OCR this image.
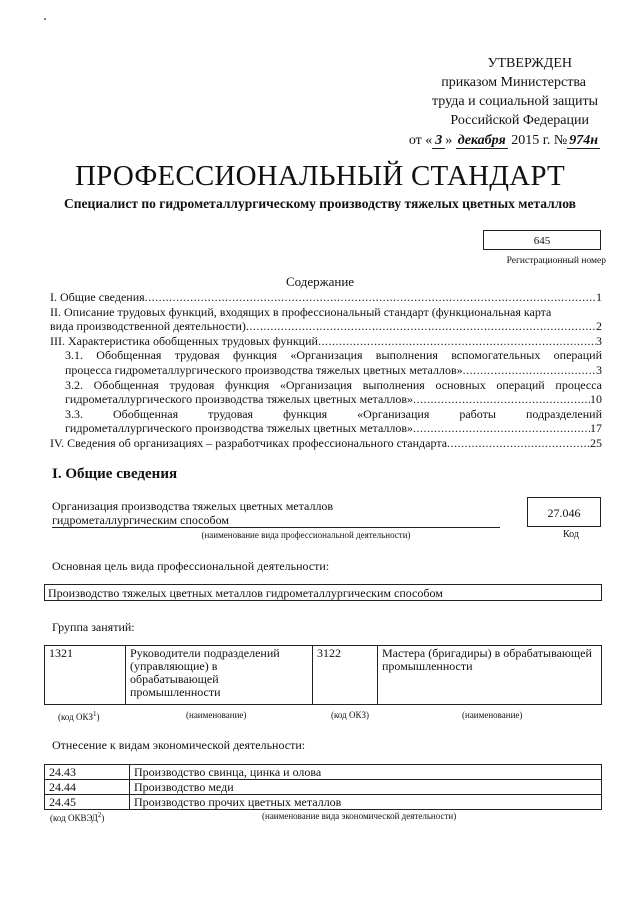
УТВЕРЖДЕН
приказом Министерства
труда и социальной защиты
Российской Федерации
от « 3 » декабря 2015 г. № 974н
ПРОФЕССИОНАЛЬНЫЙ СТАНДАРТ
Специалист по гидрометаллургическому производству тяжелых цветных металлов
645
Регистрационный номер
Содержание
I. Общие сведения .....	1
II. Описание трудовых функций, входящих в профессиональный стандарт (функциональная карта
вида производственной деятельности) .....	2
III. Характеристика обобщенных трудовых функций .....	3
3.1. Обобщенная трудовая функция «Организация выполнения вспомогательных операций
процесса гидрометаллургического производства тяжелых цветных металлов» .....	3
3.2. Обобщенная трудовая функция «Организация выполнения основных операций процесса
гидрометаллургического производства тяжелых цветных металлов» .....	10
3.3. Обобщенная трудовая функция «Организация работы подразделений
гидрометаллургического производства тяжелых цветных металлов» .....	17
IV. Сведения об организациях – разработчиках профессионального стандарта .....	25
I. Общие сведения
Организация производства тяжелых цветных металлов
гидрометаллургическим способом
(наименование вида профессиональной деятельности)
27.046
Код
Основная цель вида профессиональной деятельности:
Производство тяжелых цветных металлов гидрометаллургическим способом
Группа занятий:
1321	Руководители подразделений (управляющие) в обрабатывающей промышленности	3122	Мастера (бригадиры) в обрабатывающей промышленности
(код ОКЗ$^1$)	(наименование)	(код ОКЗ)	(наименование)
Отнесение к видам экономической деятельности:
24.43	Производство свинца, цинка и олова
24.44	Производство меди
24.45	Производство прочих цветных металлов
(код ОКВЭД$^2$)	(наименование вида экономической деятельности)
